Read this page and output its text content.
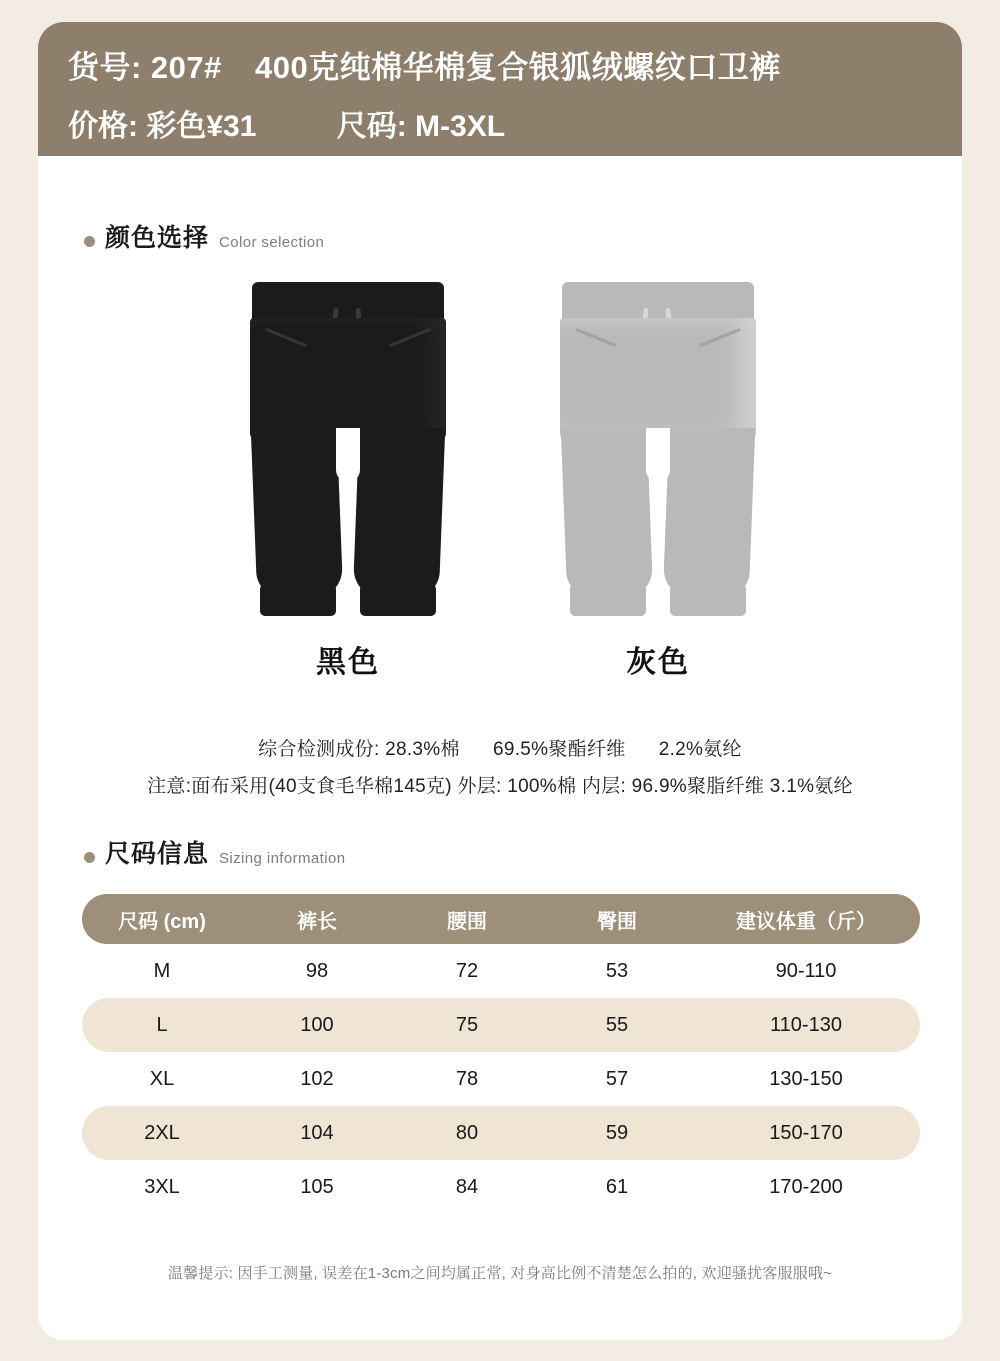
货号: 207# 400克纯棉华棉复合银狐绒螺纹口卫裤
价格: 彩色¥31	尺码: M-3XL
颜色选择 Color selection
黑色	灰色
综合检测成份: 28.3%棉 69.5%聚酯纤维 2.2%氨纶
注意:面布采用(40支食毛华棉145克) 外层: 100%棉 内层: 96.9%聚脂纤维 3.1%氨纶
尺码信息 Sizing information
尺码 (cm)	裤长	腰围	臀围	建议体重（斤）
M	98	72	53	90-110
L	100	75	55	110-130
XL	102	78	57	130-150
2XL	104	80	59	150-170
3XL	105	84	61	170-200
温馨提示: 因手工测量, 误差在1-3cm之间均属正常, 对身高比例不清楚怎么拍的, 欢迎骚扰客服服哦~
